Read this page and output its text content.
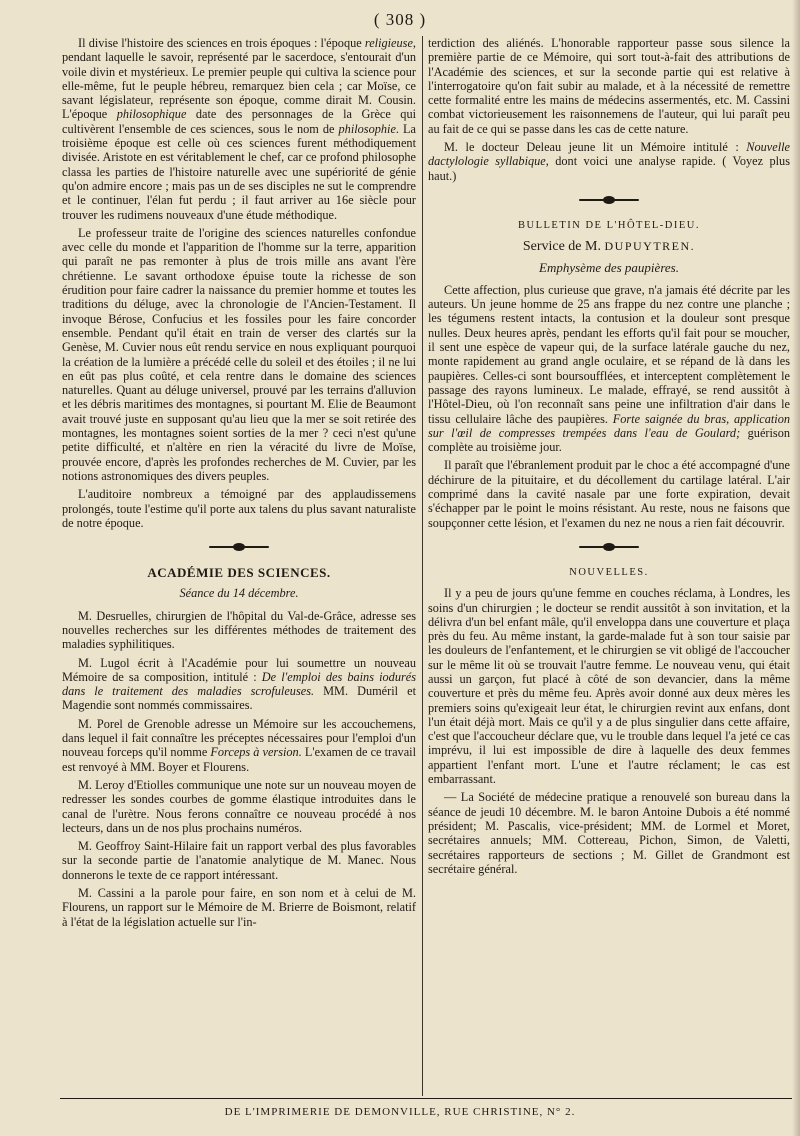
( 308 )

Il divise l'histoire des sciences en trois époques : l'époque religieuse, pendant laquelle le savoir, représenté par le sacerdoce, s'entourait d'un voile divin et mystérieux. Le premier peuple qui cultiva la science pour elle-même, fut le peuple hébreu, remarquez bien cela ; car Moïse, ce savant législateur, représente son époque, comme dirait M. Cousin. L'époque philosophique date des personnages de la Grèce qui cultivèrent l'ensemble de ces sciences, sous le nom de philosophie. La troisième époque est celle où ces sciences furent méthodiquement divisée. Aristote en est véritablement le chef, car ce profond philosophe classa les parties de l'histoire naturelle avec une supériorité de génie qu'on admire encore ; mais pas un de ses disciples ne sut le comprendre et le continuer, l'élan fut perdu ; il faut arriver au 16e siècle pour trouver les rudimens nouveaux d'une étude méthodique.

Le professeur traite de l'origine des sciences naturelles confondue avec celle du monde et l'apparition de l'homme sur la terre, apparition qui paraît ne pas remonter à plus de trois mille ans avant l'ère chrétienne. Le savant orthodoxe épuise toute la richesse de son érudition pour faire cadrer la naissance du premier homme et toutes les traditions du déluge, avec la chronologie de l'Ancien-Testament. Il invoque Bérose, Confucius et les fossiles pour les faire concorder ensemble. Pendant qu'il était en train de verser des clartés sur la Genèse, M. Cuvier nous eût rendu service en nous expliquant pourquoi la création de la lumière a précédé celle du soleil et des étoiles ; il ne lui en eût pas plus coûté, et cela rentre dans le domaine des sciences naturelles. Quant au déluge universel, prouvé par les terrains d'alluvion et les débris maritimes des montagnes, si pourtant M. Elie de Beaumont avait trouvé juste en supposant qu'au lieu que la mer se soit retirée des montagnes, les montagnes soient sorties de la mer ? ceci n'est qu'une petite difficulté, et n'altère en rien la véracité du livre de Moïse, prouvée encore, d'après les profondes recherches de M. Cuvier, par les notions astronomiques des divers peuples.

L'auditoire nombreux a témoigné par des applaudissemens prolongés, toute l'estime qu'il porte aux talens du plus savant naturaliste de notre époque.

ACADÉMIE DES SCIENCES.
Séance du 14 décembre.

M. Desruelles, chirurgien de l'hôpital du Val-de-Grâce, adresse ses nouvelles recherches sur les différentes méthodes de traitement des maladies syphilitiques.

M. Lugol écrit à l'Académie pour lui soumettre un nouveau Mémoire de sa composition, intitulé : De l'emploi des bains iodurés dans le traitement des maladies scrofuleuses. MM. Duméril et Magendie sont nommés commissaires.

M. Porel de Grenoble adresse un Mémoire sur les accouchemens, dans lequel il fait connaître les préceptes nécessaires pour l'emploi d'un nouveau forceps qu'il nomme Forceps à version. L'examen de ce travail est renvoyé à MM. Boyer et Flourens.

M. Leroy d'Etiolles communique une note sur un nouveau moyen de redresser les sondes courbes de gomme élastique introduites dans le canal de l'urètre. Nous ferons connaître ce nouveau procédé à nos lecteurs, dans un de nos plus prochains numéros.

M. Geoffroy Saint-Hilaire fait un rapport verbal des plus favorables sur la seconde partie de l'anatomie analytique de M. Manec. Nous donnerons le texte de ce rapport intéressant.

M. Cassini a la parole pour faire, en son nom et à celui de M. Flourens, un rapport sur le Mémoire de M. Brierre de Boismont, relatif à l'état de la législation actuelle sur l'in-

terdiction des aliénés. L'honorable rapporteur passe sous silence la première partie de ce Mémoire, qui sort tout-à-fait des attributions de l'Académie des sciences, et sur la seconde partie qui est relative à l'interrogatoire qu'on fait subir au malade, et à la nécessité de remettre cette formalité entre les mains de médecins assermentés, etc. M. Cassini combat victorieusement les raisonnemens de l'auteur, qui lui paraît peu au fait de ce qui se passe dans les cas de cette nature.

M. le docteur Deleau jeune lit un Mémoire intitulé : Nouvelle dactylologie syllabique, dont voici une analyse rapide. ( Voyez plus haut.)

BULLETIN DE L'HÔTEL-DIEU.
Service de M. DUPUYTREN.
Emphysème des paupières.

Cette affection, plus curieuse que grave, n'a jamais été décrite par les auteurs. Un jeune homme de 25 ans frappe du nez contre une planche ; les tégumens restent intacts, la contusion et la douleur sont presque nulles. Deux heures après, pendant les efforts qu'il fait pour se moucher, il sent une espèce de vapeur qui, de la surface latérale gauche du nez, monte rapidement au grand angle oculaire, et se répand de là dans les paupières. Celles-ci sont boursoufflées, et interceptent complètement le passage des rayons lumineux. Le malade, effrayé, se rend aussitôt à l'Hôtel-Dieu, où l'on reconnaît sans peine une infiltration d'air dans le tissu cellulaire lâche des paupières. Forte saignée du bras, application sur l'œil de compresses trempées dans l'eau de Goulard; guérison complète au troisième jour.

Il paraît que l'ébranlement produit par le choc a été accompagné d'une déchirure de la pituitaire, et du décollement du cartilage latéral. L'air comprimé dans la cavité nasale par une forte expiration, devait s'échapper par le point le moins résistant. Au reste, nous ne faisons que soupçonner cette lésion, et l'examen du nez ne nous a rien fait découvrir.

NOUVELLES.

Il y a peu de jours qu'une femme en couches réclama, à Londres, les soins d'un chirurgien ; le docteur se rendit aussitôt à son invitation, et la délivra d'un bel enfant mâle, qu'il enveloppa dans une couverture et plaça près du feu. Au même instant, la garde-malade fut à son tour saisie par les douleurs de l'enfantement, et le chirurgien se vit obligé de l'accoucher sur le même lit où se trouvait l'autre femme. Le nouveau venu, qui était aussi un garçon, fut placé à côté de son devancier, dans la même couverture et près du même feu. Après avoir donné aux deux mères les premiers soins qu'exigeait leur état, le chirurgien revint aux enfans, dont l'un était déjà mort. Mais ce qu'il y a de plus singulier dans cette affaire, c'est que l'accoucheur déclare que, vu le trouble dans lequel l'a jeté ce cas imprévu, il lui est impossible de dire à laquelle des deux femmes appartient l'enfant mort. L'une et l'autre réclament; le cas est embarrassant.

— La Société de médecine pratique a renouvelé son bureau dans la séance de jeudi 10 décembre. M. le baron Antoine Dubois a été nommé président; M. Pascalis, vice-président; MM. de Lormel et Moret, secrétaires annuels; MM. Cottereau, Pichon, Simon, de Valetti, secrétaires rapporteurs de sections ; M. Gillet de Grandmont est secrétaire général.

DE L'IMPRIMERIE DE DEMONVILLE, RUE CHRISTINE, N° 2.
